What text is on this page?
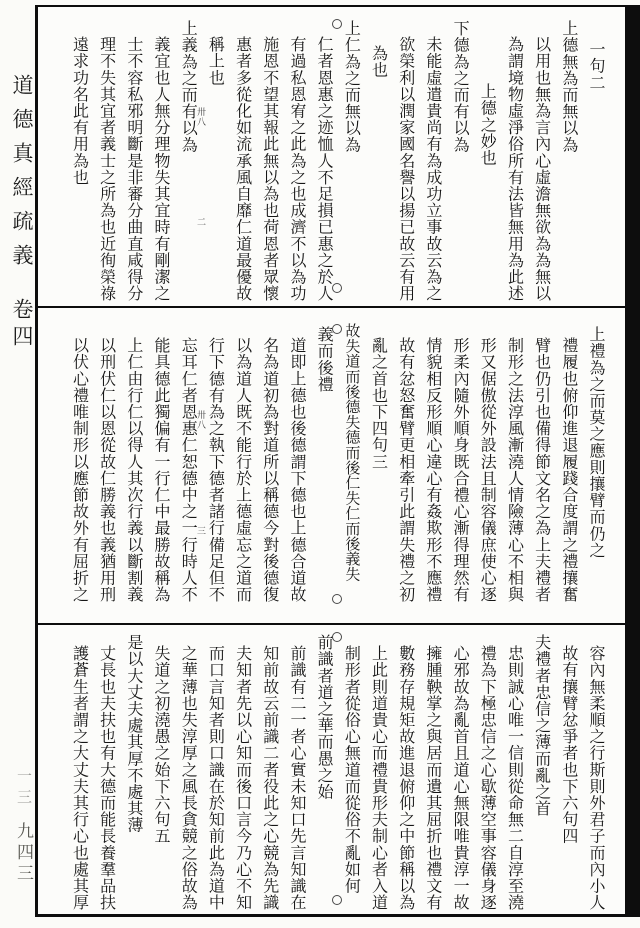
道德真經疏義
卷四
一三
九四三
一句二
上德無為而無以為
以用也無為言內心虛澹無欲為為無以
為謂境物虛淨俗所有法皆無用為此述
上德之妙也
下德為之而有以為
未能虛遣貴尚有為成功立事故云為之
欲榮利以潤家國名譽以揚已故云有用
為也
上仁為之而無以為
仁者恩惠之迹恤人不足損已惠之於人
有過私恩宥之此為之也成濟不以為功
施恩不望其報此無以為也荷恩者眾懷
惠者多從化如流承風自靡仁道最優故
稱上也
上義為之而有以為
義宜也人無分理物失其宜時有剛潔之
士不容私邪明斷是非審分曲直咸得分
理不失其宜者義士之所為也近徇榮祿
遠求功名此有用為也	卅八
二
上禮為之而莫之應則攘臂而仍之
禮履也俯仰進退履踐合度謂之禮攘奮
臂也仍引也備得節文名之為上夫禮者
制形之法淳風漸澆人情險薄心不相與
形又倨傲從外設法且制容儀庶使心逐
形柔內隨外順身既合禮心漸得理然有
情貌相反形順心違心有姦欺形不應禮
故有忿怒奮臂更相牽引此謂失禮之初
亂之首也下四句三
故失道而後德失德而後仁失仁而後義失
義而後禮
道即上德也後德謂下德也上德合道故
名為道初為對道所以稱德今對後德復
以為道人既不能行於上德虛忘之道而
行下德有為之執下德者諸行備足但不
忘耳仁者恩惠仁恕德中之一行時人不
能具德此獨偏有一行仁中最勝故稱為
上仁由行仁以得人其次行義以斷割義
以刑伏仁以恩從故仁勝義也義猶用刑
以伏心禮唯制形以應節故外有屈折之	卅八
三
容內無柔順之行斯則外君子而內小人
故有攘臂忿爭者也下六句四
夫禮者忠信之薄而亂之首
忠則誠心唯一信則從命無二自淳至澆
禮為下極忠信之心歇薄空事容儀身逐
心邪故為亂首且道心無限唯貴淳一故
擁腫鞅掌之與居而遺其屈折也禮文有
數務存規矩故進退俯仰之中節稱以為
上此則道貴心而禮貴形夫制心者入道
制形者從俗心無道而從俗不亂如何
前識者道之華而愚之始
前識有二一者心實未知口先言知識在
知前故云前識二者役此之心競為先識
夫知者先以心知而後口言今乃心不知
而口言知者則口識在於知前此為道中
之華薄也失淳厚之風長貪競之俗故為
失道之初澆愚之始下六句五
是以大丈夫處其厚不處其薄
丈長也夫扶也有大德而能長養羣品扶
護蒼生者謂之大丈夫其行心也處其厚
